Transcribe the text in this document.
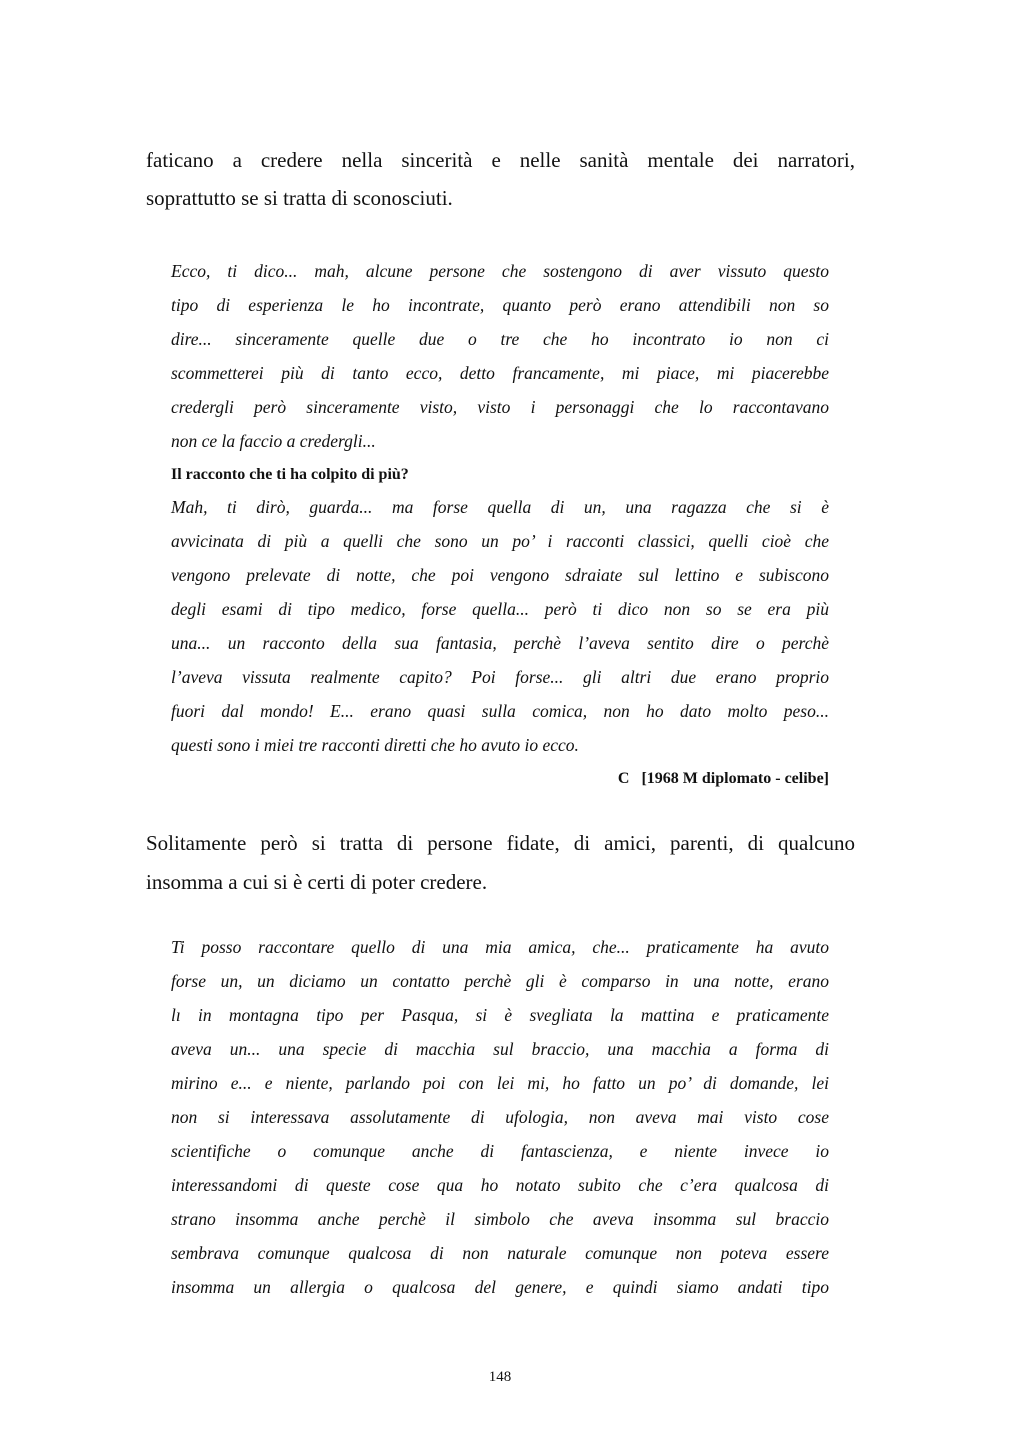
faticano a credere nella sincerità e nelle sanità mentale dei narratori,
soprattutto se si tratta di sconosciuti.
Ecco, ti dico... mah, alcune persone che sostengono di aver vissuto questo
tipo di esperienza le ho incontrate, quanto però erano attendibili non so
dire... sinceramente quelle due o tre che ho incontrato io non ci
scommetterei più di tanto ecco, detto francamente, mi piace, mi piacerebbe
credergli però sinceramente visto, visto i personaggi che lo raccontavano
non ce la faccio a credergli...
Il racconto che ti ha colpito di più?
Mah, ti dirò, guarda... ma forse quella di un, una ragazza che si è
avvicinata di più a quelli che sono un po’ i racconti classici, quelli cioè che
vengono prelevate di notte, che poi vengono sdraiate sul lettino e subiscono
degli esami di tipo medico, forse quella... però ti dico non so se era più
una... un racconto della sua fantasia, perchè l’aveva sentito dire o perchè
l’aveva vissuta realmente capito? Poi forse... gli altri due erano proprio
fuori dal mondo! E... erano quasi sulla comica, non ho dato molto peso...
questi sono i miei tre racconti diretti che ho avuto io ecco.
C   [1968 M diplomato - celibe]
Solitamente però si tratta di persone fidate, di amici, parenti, di qualcuno
insomma a cui si è certi di poter credere.
Ti posso raccontare quello di una mia amica, che... praticamente ha avuto
forse un, un diciamo un contatto perchè gli è comparso in una notte, erano
lı in montagna tipo per Pasqua, si è svegliata la mattina e praticamente
aveva un... una specie di macchia sul braccio, una macchia a forma di
mirino e... e niente, parlando poi con lei mi, ho fatto un po’ di domande, lei
non si interessava assolutamente di ufologia, non aveva mai visto cose
scientifiche o comunque anche di fantascienza, e niente invece io
interessandomi di queste cose qua ho notato subito che c’era qualcosa di
strano insomma anche perchè il simbolo che aveva insomma sul braccio
sembrava comunque qualcosa di non naturale comunque non poteva essere
insomma un allergia o qualcosa del genere, e quindi siamo andati tipo
148
